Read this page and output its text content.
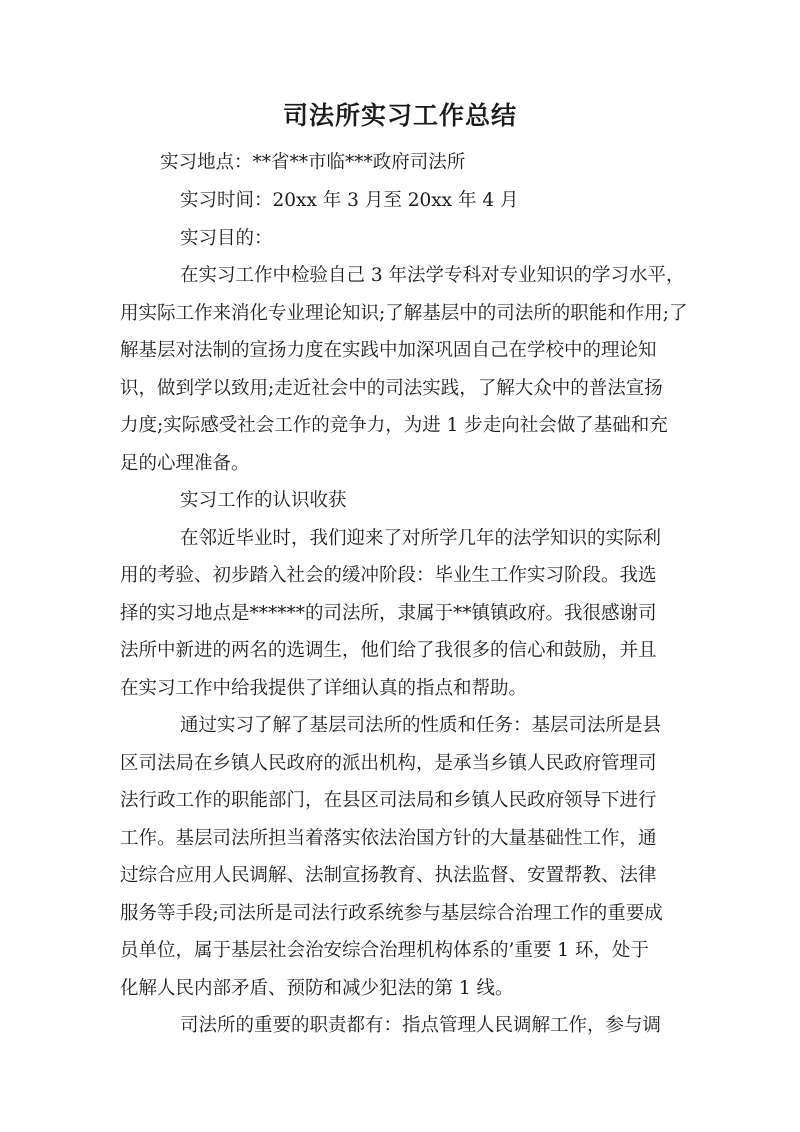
司法所实习工作总结
实习地点：**省**市临***政府司法所
实习时间：20xx 年 3 月至 20xx 年 4 月
实习目的：
在实习工作中检验自己 3 年法学专科对专业知识的学习水平，
用实际工作来消化专业理论知识;了解基层中的司法所的职能和作用;了
解基层对法制的宣扬力度在实践中加深巩固自己在学校中的理论知
识，做到学以致用;走近社会中的司法实践，了解大众中的普法宣扬
力度;实际感受社会工作的竞争力，为进 1 步走向社会做了基础和充
足的心理准备。
实习工作的认识收获
在邻近毕业时，我们迎来了对所学几年的法学知识的实际利
用的考验、初步踏入社会的缓冲阶段：毕业生工作实习阶段。我选
择的实习地点是******的司法所，隶属于**镇镇政府。我很感谢司
法所中新进的两名的选调生，他们给了我很多的信心和鼓励，并且
在实习工作中给我提供了详细认真的指点和帮助。
通过实习了解了基层司法所的性质和任务：基层司法所是县
区司法局在乡镇人民政府的派出机构，是承当乡镇人民政府管理司
法行政工作的职能部门，在县区司法局和乡镇人民政府领导下进行
工作。基层司法所担当着落实依法治国方针的大量基础性工作，通
过综合应用人民调解、法制宣扬教育、执法监督、安置帮教、法律
服务等手段;司法所是司法行政系统参与基层综合治理工作的重要成
员单位，属于基层社会治安综合治理机构体系的’重要 1 环，处于
化解人民内部矛盾、预防和减少犯法的第 1 线。
司法所的重要的职责都有：指点管理人民调解工作，参与调
